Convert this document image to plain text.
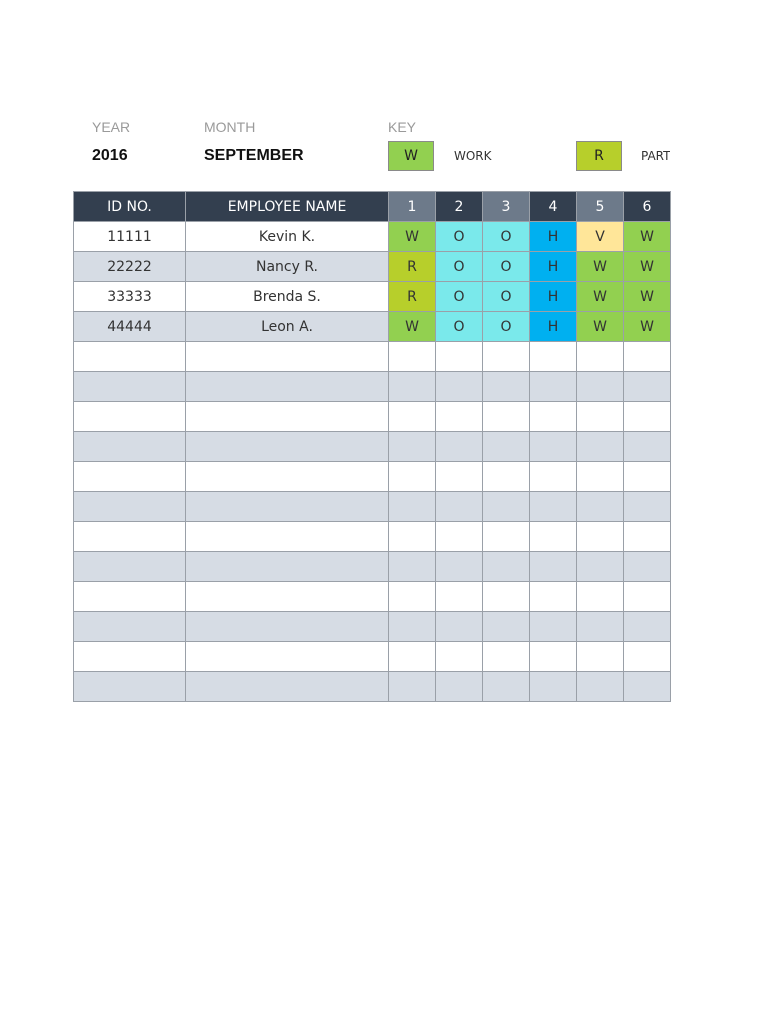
YEAR
2016
MONTH
SEPTEMBER
KEY
W	WORK	R	PART
ID NO.	EMPLOYEE NAME	1	2	3	4	5	6
11111	Kevin K.	W	O	O	H	V	W
22222	Nancy R.	R	O	O	H	W	W
33333	Brenda S.	R	O	O	H	W	W
44444	Leon A.	W	O	O	H	W	W
